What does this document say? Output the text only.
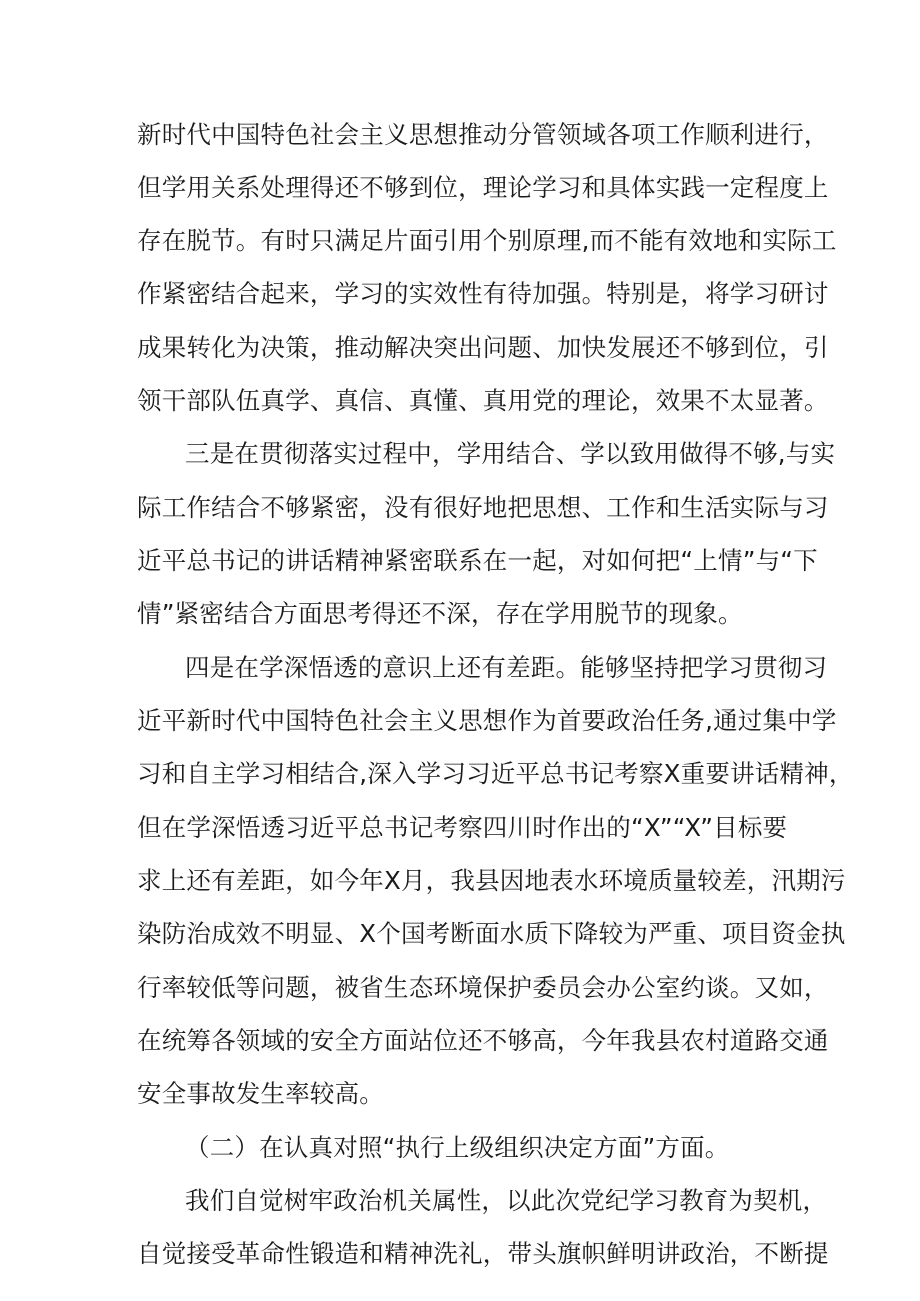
新时代中国特色社会主义思想推动分管领域各项工作顺利进行，
但学用关系处理得还不够到位，理论学习和具体实践一定程度上
存在脱节。有时只满足片面引用个别原理,而不能有效地和实际工
作紧密结合起来，学习的实效性有待加强。特别是，将学习研讨
成果转化为决策，推动解决突出问题、加快发展还不够到位，引
领干部队伍真学、真信、真懂、真用党的理论，效果不太显著。
三是在贯彻落实过程中，学用结合、学以致用做得不够,与实
际工作结合不够紧密，没有很好地把思想、工作和生活实际与习
近平总书记的讲话精神紧密联系在一起，对如何把“上情”与“下
情”紧密结合方面思考得还不深，存在学用脱节的现象。
四是在学深悟透的意识上还有差距。能够坚持把学习贯彻习
近平新时代中国特色社会主义思想作为首要政治任务,通过集中学
习和自主学习相结合,深入学习习近平总书记考察X重要讲话精神，
但在学深悟透习近平总书记考察四川时作出的“X”“X”目标要
求上还有差距，如今年X月，我县因地表水环境质量较差，汛期污
染防治成效不明显、X个国考断面水质下降较为严重、项目资金执
行率较低等问题，被省生态环境保护委员会办公室约谈。又如，
在统筹各领域的安全方面站位还不够高，今年我县农村道路交通
安全事故发生率较高。
（二）在认真对照“执行上级组织决定方面”方面。
我们自觉树牢政治机关属性，以此次党纪学习教育为契机，
自觉接受革命性锻造和精神洗礼，带头旗帜鲜明讲政治，不断提
